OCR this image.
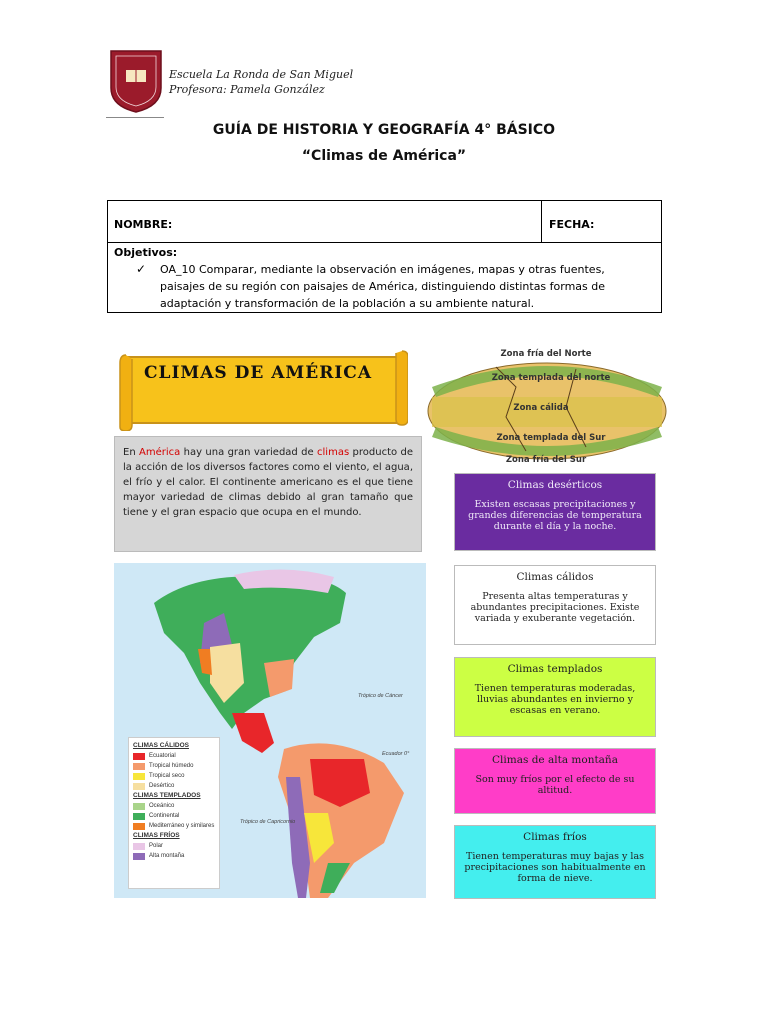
Escuela La Ronda de San Miguel
Profesora: Pamela González
GUÍA DE HISTORIA Y GEOGRAFÍA 4° BÁSICO
“Climas de América”
NOMBRE:	FECHA:
Objetivos:
✓ OA_10 Comparar, mediante la observación en imágenes, mapas y otras fuentes, paisajes de su región con paisajes de América, distinguiendo distintas formas de adaptación y transformación de la población a su ambiente natural.
CLIMAS DE AMÉRICA
Zona fría del Norte
Zona templada del norte
Zona cálida
Zona templada del Sur
Zona fría del Sur
En América hay una gran variedad de climas producto de la acción de los diversos factores como el viento, el agua, el frío y el calor. El continente americano es el que tiene mayor variedad de climas debido al gran tamaño que tiene y el gran espacio que ocupa en el mundo.
Trópico de Cáncer
Ecuador 0°
Trópico de Capricornio
CLIMAS CÁLIDOS
Ecuatorial
Tropical húmedo
Tropical seco
Desértico
CLIMAS TEMPLADOS
Oceánico
Continental
Mediterráneo y similares
CLIMAS FRÍOS
Polar
Alta montaña
Climas desérticos
Existen escasas precipitaciones y grandes diferencias de temperatura durante el día y la noche.
Climas cálidos
Presenta altas temperaturas y abundantes precipitaciones. Existe variada y exuberante vegetación.
Climas templados
Tienen temperaturas moderadas, lluvias abundantes en invierno y escasas en verano.
Climas de alta montaña
Son muy fríos por el efecto de su altitud.
Climas fríos
Tienen temperaturas muy bajas y las precipitaciones son habitualmente en forma de nieve.
